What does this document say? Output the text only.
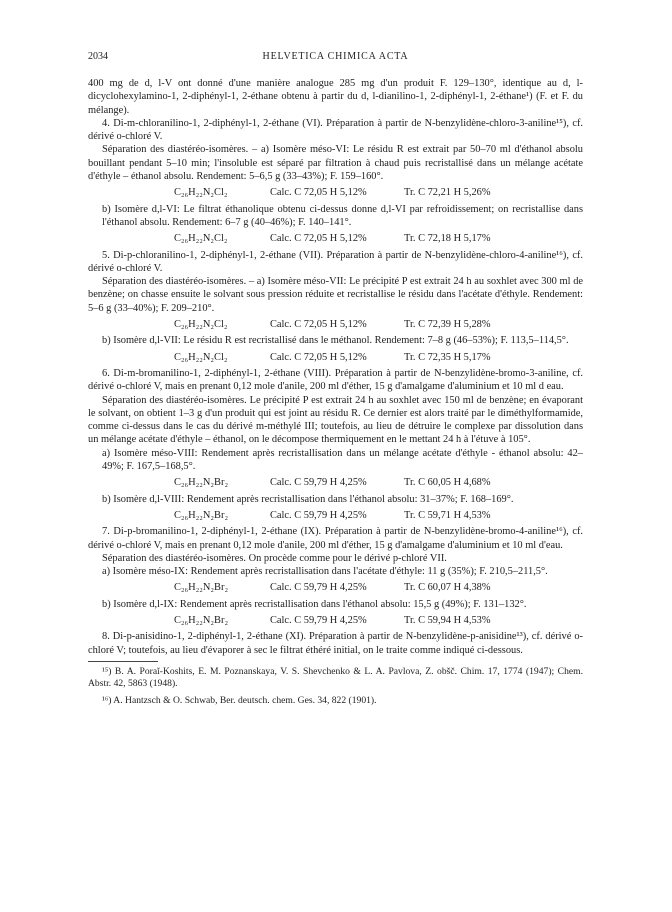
2034	HELVETICA CHIMICA ACTA

400 mg de d, l-V ont donné d'une manière analogue 285 mg d'un produit F. 129–130°, identique au d, l-dicyclohexylamino-1, 2-diphényl-1, 2-éthane obtenu à partir du d, l-dianilino-1, 2-diphényl-1, 2-éthane¹) (F. et F. du mélange).

4. Di-m-chloranilino-1, 2-diphényl-1, 2-éthane (VI). Préparation à partir de N-benzylidène-chloro-3-aniline¹⁵), cf. dérivé o-chloré V.

Séparation des diastéréo-isomères. – a) Isomère méso-VI: Le résidu R est extrait par 50–70 ml d'éthanol absolu bouillant pendant 5–10 min; l'insoluble est séparé par filtration à chaud puis recristallisé dans un mélange acétate d'éthyle – éthanol absolu. Rendement: 5–6,5 g (33–43%); F. 159–160°.

C₂₆H₂₂N₂Cl₂	Calc. C 72,05 H 5,12%	Tr. C 72,21 H 5,26%

b) Isomère d,l-VI: Le filtrat éthanolique obtenu ci-dessus donne d,l-VI par refroidissement; on recristallise dans l'éthanol absolu. Rendement: 6–7 g (40–46%); F. 140–141°.

C₂₆H₂₂N₂Cl₂	Calc. C 72,05 H 5,12%	Tr. C 72,18 H 5,17%

5. Di-p-chloranilino-1, 2-diphényl-1, 2-éthane (VII). Préparation à partir de N-benzylidène-chloro-4-aniline¹⁶), cf. dérivé o-chloré V.

Séparation des diastéréo-isomères. – a) Isomère méso-VII: Le précipité P est extrait 24 h au soxhlet avec 300 ml de benzène; on chasse ensuite le solvant sous pression réduite et recristallise le résidu dans l'acétate d'éthyle. Rendement: 5–6 g (33–40%); F. 209–210°.

C₂₆H₂₂N₂Cl₂	Calc. C 72,05 H 5,12%	Tr. C 72,39 H 5,28%

b) Isomère d,l-VII: Le résidu R est recristallisé dans le méthanol. Rendement: 7–8 g (46–53%); F. 113,5–114,5°.

C₂₆H₂₂N₂Cl₂	Calc. C 72,05 H 5,12%	Tr. C 72,35 H 5,17%

6. Di-m-bromanilino-1, 2-diphényl-1, 2-éthane (VIII). Préparation à partir de N-benzylidène-bromo-3-aniline, cf. dérivé o-chloré V, mais en prenant 0,12 mole d'anile, 200 ml d'éther, 15 g d'amalgame d'aluminium et 10 ml d eau.

Séparation des diastéréo-isomères. Le précipité P est extrait 24 h au soxhlet avec 150 ml de benzène; en évaporant le solvant, on obtient 1–3 g d'un produit qui est joint au résidu R. Ce dernier est alors traité par le diméthylformamide, comme ci-dessus dans le cas du dérivé m-méthylé III; toutefois, au lieu de détruire le complexe par dissolution dans un mélange acétate d'éthyle – éthanol, on le décompose thermiquement en le mettant 24 h à l'étuve à 105°.

a) Isomère méso-VIII: Rendement après recristallisation dans un mélange acétate d'éthyle - éthanol absolu: 42–49%; F. 167,5–168,5°.

C₂₆H₂₂N₂Br₂	Calc. C 59,79 H 4,25%	Tr. C 60,05 H 4,68%

b) Isomère d,l-VIII: Rendement après recristallisation dans l'éthanol absolu: 31–37%; F. 168–169°.

C₂₆H₂₂N₂Br₂	Calc. C 59,79 H 4,25%	Tr. C 59,71 H 4,53%

7. Di-p-bromanilino-1, 2-diphényl-1, 2-éthane (IX). Préparation à partir de N-benzylidène-bromo-4-aniline¹⁶), cf. dérivé o-chloré V, mais en prenant 0,12 mole d'anile, 200 ml d'éther, 15 g d'amalgame d'aluminium et 10 ml d'eau.

Séparation des diastéréo-isomères. On procède comme pour le dérivé p-chloré VII.

a) Isomère méso-IX: Rendement après recristallisation dans l'acétate d'éthyle: 11 g (35%); F. 210,5–211,5°.

C₂₆H₂₂N₂Br₂	Calc. C 59,79 H 4,25%	Tr. C 60,07 H 4,38%

b) Isomère d,l-IX: Rendement après recristallisation dans l'éthanol absolu: 15,5 g (49%); F. 131–132°.

C₂₆H₂₂N₂Br₂	Calc. C 59,79 H 4,25%	Tr. C 59,94 H 4,53%

8. Di-p-anisidino-1, 2-diphényl-1, 2-éthane (XI). Préparation à partir de N-benzylidène-p-anisidine¹³), cf. dérivé o-chloré V; toutefois, au lieu d'évaporer à sec le filtrat éthéré initial, on le traite comme indiqué ci-dessous.

¹⁵) B. A. Poraĭ-Koshits, E. M. Poznanskaya, V. S. Shevchenko & L. A. Pavlova, Z. obšč. Chim. 17, 1774 (1947); Chem. Abstr. 42, 5863 (1948).

¹⁶) A. Hantzsch & O. Schwab, Ber. deutsch. chem. Ges. 34, 822 (1901).
